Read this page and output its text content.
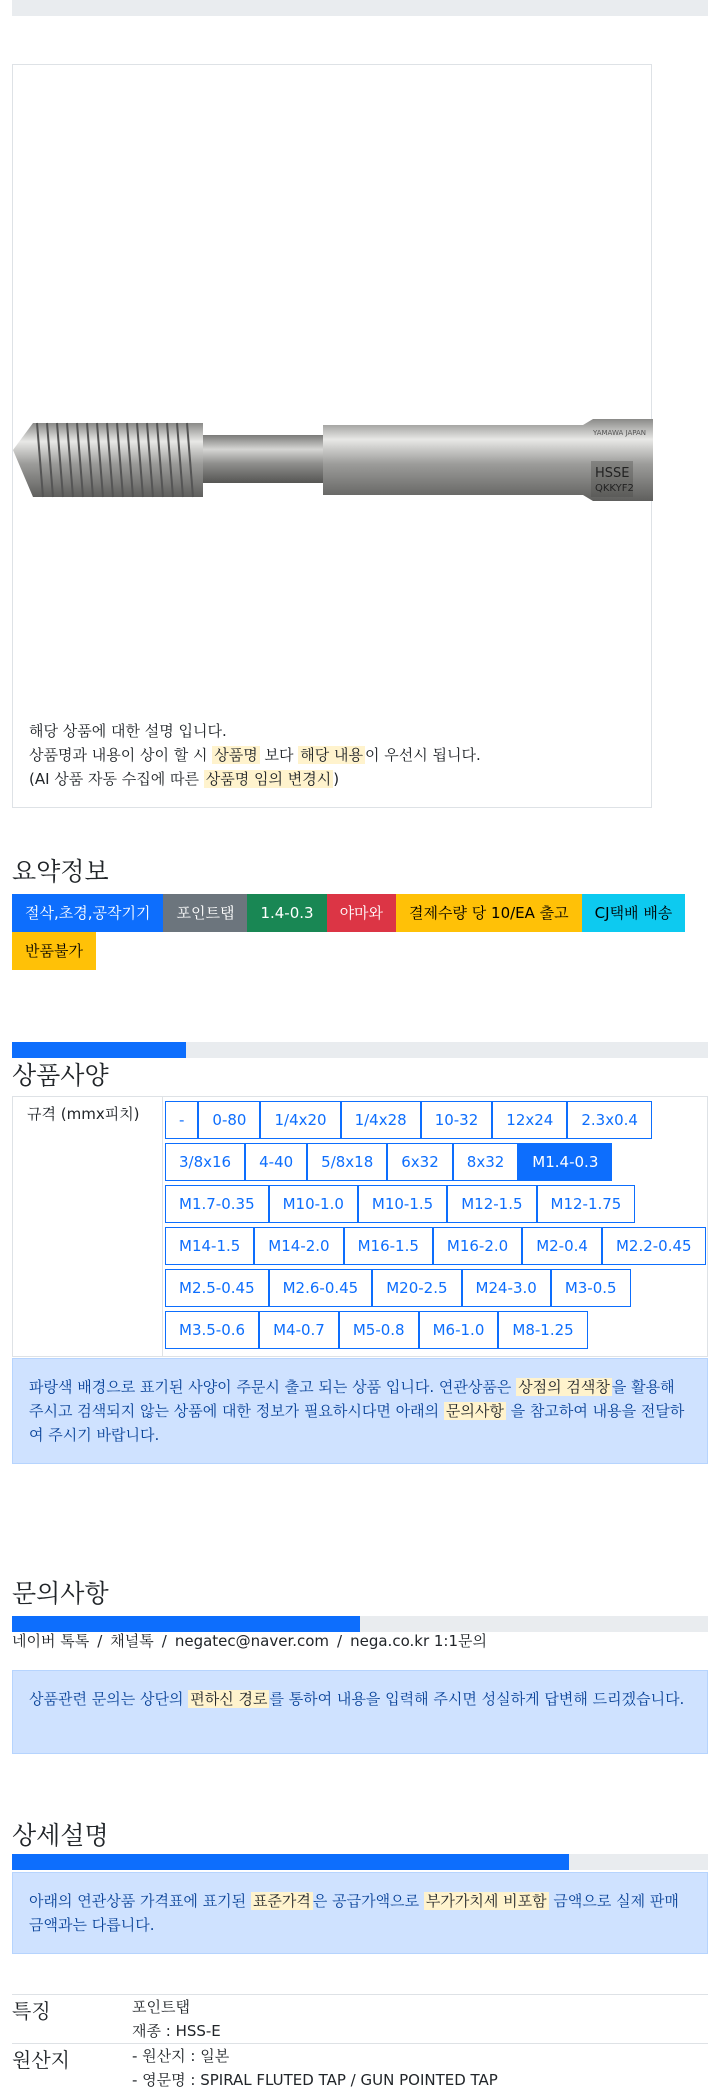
HSSE
QKKYF2
YAMAWA JAPAN

해당 상품에 대한 설명 입니다.

상품명과 내용이 상이 할 시 상품명 보다 해당 내용 이 우선시 됩니다.

(AI 상품 자동 수집에 따른 상품명 임의 변경시 )

요약정보
절삭,초경,공작기기	포인트탭	1.4-0.3	야마와	결제수량 당 10/EA 출고	CJ택배 배송
반품불가
상품사양
규격 (mmx피치)	-	0-80	1/4x20	1/4x28	10-32	12x24	2.3x0.4
3/8x16	4-40	5/8x18	6x32	8x32	M1.4-0.3
M1.7-0.35	M10-1.0	M10-1.5	M12-1.5	M12-1.75
M14-1.5	M14-2.0	M16-1.5	M16-2.0	M2-0.4	M2.2-0.45
M2.5-0.45	M2.6-0.45	M20-2.5	M24-3.0	M3-0.5
M3.5-0.6	M4-0.7	M5-0.8	M6-1.0	M8-1.25
파랑색 배경으로 표기된 사양이 주문시 출고 되는 상품 입니다. 연관상품은 상점의 검색창 을 활용해 주시고 검색되지 않는 상품에 대한 정보가 필요하시다면 아래의 문의사항 을 참고하여 내용을 전달하여 주시기 바랍니다.
문의사항
네이버 톡톡 / 채널톡 / negatec@naver.com / nega.co.kr 1:1문의
상품관련 문의는 상단의 편하신 경로 를 통하여 내용을 입력해 주시면 성실하게 답변해 드리겠습니다.
상세설명
아래의 연관상품 가격표에 표기된 표준가격 은 공급가액으로 부가가치세 비포함 금액으로 실제 판매금액과는 다릅니다.
특징	포인트탭
재종 : HSS-E
원산지	- 원산지 : 일본
- 영문명 : SPIRAL FLUTED TAP / GUN POINTED TAP
